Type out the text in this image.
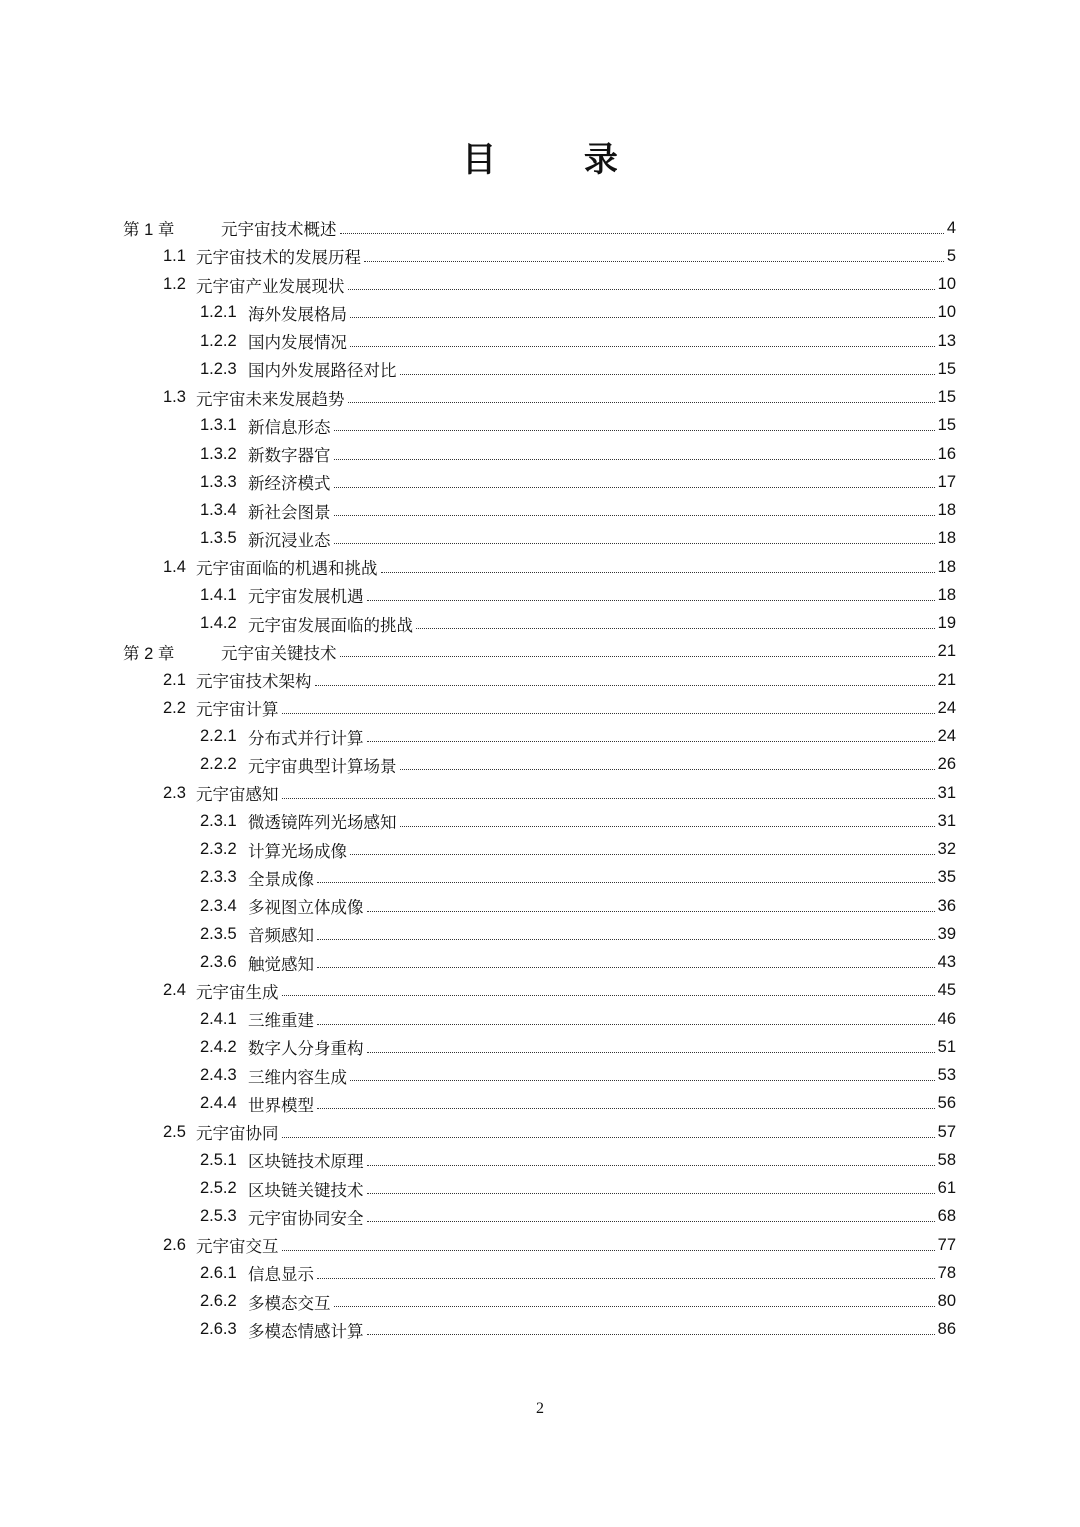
目 录
第 1 章	元宇宙技术概述	4
1.1 元宇宙技术的发展历程	5
1.2 元宇宙产业发展现状	10
1.2.1 海外发展格局	10
1.2.2 国内发展情况	13
1.2.3 国内外发展路径对比	15
1.3 元宇宙未来发展趋势	15
1.3.1 新信息形态	15
1.3.2 新数字器官	16
1.3.3 新经济模式	17
1.3.4 新社会图景	18
1.3.5 新沉浸业态	18
1.4 元宇宙面临的机遇和挑战	18
1.4.1 元宇宙发展机遇	18
1.4.2 元宇宙发展面临的挑战	19
第 2 章	元宇宙关键技术	21
2.1 元宇宙技术架构	21
2.2 元宇宙计算	24
2.2.1 分布式并行计算	24
2.2.2 元宇宙典型计算场景	26
2.3 元宇宙感知	31
2.3.1 微透镜阵列光场感知	31
2.3.2 计算光场成像	32
2.3.3 全景成像	35
2.3.4 多视图立体成像	36
2.3.5 音频感知	39
2.3.6 触觉感知	43
2.4 元宇宙生成	45
2.4.1 三维重建	46
2.4.2 数字人分身重构	51
2.4.3 三维内容生成	53
2.4.4 世界模型	56
2.5 元宇宙协同	57
2.5.1 区块链技术原理	58
2.5.2 区块链关键技术	61
2.5.3 元宇宙协同安全	68
2.6 元宇宙交互	77
2.6.1 信息显示	78
2.6.2 多模态交互	80
2.6.3 多模态情感计算	86
2
